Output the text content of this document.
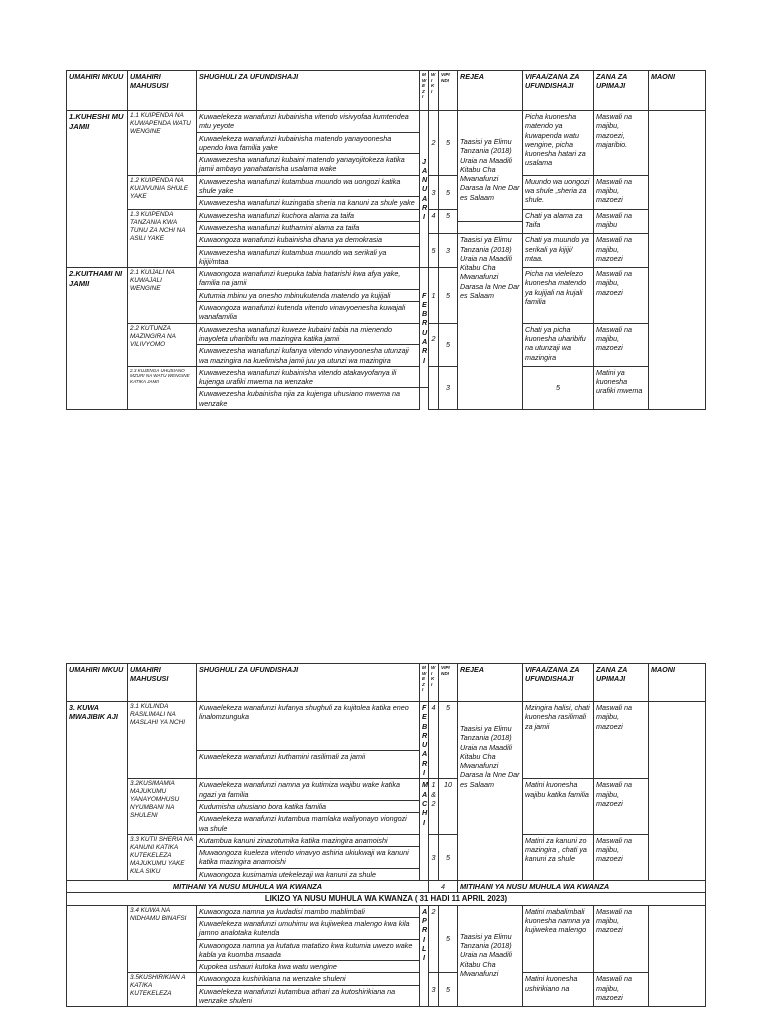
UMAHIRI MKUU	UMAHIRI MAHUSUSI	SHUGHULI ZA UFUNDISHAJI	MWEZI	WIKI	VIPI NDI	REJEA	VIFAA/ZANA ZA UFUNDISHAJI	ZANA ZA UPIMAJI	MAONI	
1.KUHESHI MU JAMII	1.1 KUIPENDA NA KUWAPENDA WATU WENGINE	Kuwaelekeza wanafunzi kubainisha vitendo visivyofaa kumtendea mtu yeyote	JANUARI	2	5	Taasisi ya Elimu Tanzania (2018) Uraia na Maadili Kitabu Cha Mwanafunzi Darasa la Nne Dar es Salaam	Picha kuonesha matendo ya kuwapenda watu wengine, picha kuonesha hatari za usalama	Maswali na majibu, mazoezi, majaribio.		
		Kuwaelekeza wanafunzi kubainisha matendo yanayoonesha upendo kwa familia yake								
		Kuwawezesha wanafunzi kubaini matendo yanayojitokeza katika jamii ambayo yanahatarisha usalama wake								
	1.2 KUIPENDA NA KUIJIVUNIA SHULE YAKE	Kuwawezesha wanafunzi kutambua muundo wa uongozi katika shule yake		3	5		Muundo wa uongozi wa shule ,sheria za shule.	Maswali na majibu, mazoezi		
		Kuwawezesha wanafunzi kuzingatia sheria na kanuni za shule yake								
	1.3 KUIPENDA TANZANIA KWA TUNU ZA NCHI NA ASILI YAKE	Kuwawezesha wanafunzi kuchora alama za taifa		4	5		Chati ya alama za Taifa	Maswali na majibu		
		Kuwawezesha wanafunzi kuthamini alama za taifa								
		Kuwaongoza wanafunzi kubainisha dhana ya demokrasia		5	3	Taasisi ya Elimu Tanzania (2018) Uraia na Maadili Kitabu Cha Mwanafunzi Darasa la Nne Dar es Salaam	Chati ya muundo ya serikali ya kijiji/ mtaa.	Maswali na majibu, mazoezi		
		Kuwawezesha wanafunzi kutambua muundo wa serikali ya kijiji/mtaa								
2.KUITHAMI NI JAMII	2.1 KUIJALI NA KUWAJALI WENGINE	Kuwaongoza wanafunzi kuepuka tabia hatarishi kwa afya yake, familia na jamii	FEBRUARI	1	5		Picha na vielelezo kuonesha matendo ya kujijali na kujali familia	Maswali na majibu, mazoezi		
		Kutumia mbinu ya onesho mbinukutenda matendo ya kujijali								
		Kuwaongoza wanafunzi kutenda vitendo vinavyoenesha kuwajali wanafamilia								
	2.2 KUTUNZA MAZINGIRA NA VILIVYOMO	Kuwawezesha wanafunzi kuweze kubaini tabia na mienendo inayoleta uharibifu wa mazingira katika jamii		2	5		Chati ya picha kuonesha uharibifu na utunzaji wa mazingira	Maswali na majibu, mazoezi		
		Kuwawezesha wanafunzi kufanya vitendo vinavyoonesha utunzaji wa mazingira na kuelimisha jamii juu ya utunzi wa mazingira								
	2.3 KUJENGA UHUSIANO MZURI NA WATU WENGINE KATIKA JAMII	Kuwawezesha wanafunzi kubainisha vitendo atakavyofanya ili kujenga urafiki mwema na wenzake			3		5	Matini ya kuonesha urafiki mwema	
		Kuwawezesha kubainisha njia za kujenga uhusiano mwema na wenzake								
UMAHIRI MKUU	UMAHIRI MAHUSUSI	SHUGHULI ZA UFUNDISHAJI	MWEZI	WIKI	VIPI NDI	REJEA	VIFAA/ZANA ZA UFUNDISHAJI	ZANA ZA UPIMAJI	MAONI
3. KUWA MWAJIBIK AJI	3.1 KULINDA RASILIMALI NA MASLAHI YA NCHI	Kuwaelekeza wanafunzi kufanya shughuli za kujitolea katika eneo linalomzunguka	FEBRUARI	4	5	Taasisi ya Elimu Tanzania (2018) Uraia na Maadili Kitabu Cha Mwanafunzi Darasa la Nne Dar es Salaam	Mzingira halisi, chati kuonesha rasilimali za jamii	Maswali na majibu, mazoezi	
		Kuwaelekeza wanafunzi kuthamini rasilimali za jamii							
	3.2KUSIMAMIA MAJUKUMU YANAYOMHUSU NYUMBANI NA SHULENI	Kuwaelekeza wanafunzi namna ya kutimiza wajibu wake katika ngazi ya familia	MACHI	1 & 2	10		Matini kuonesha wajibu katika familia	Maswali na majibu, mazoezi	
		Kudumisha uhusiano bora katika familia							
		Kuwaelekeza wanafunzi kutambua mamlaka waliyonayo viongozi wa shule							
	3.3 KUTII SHERIA NA KANUNI KATIKA KUTEKELEZA MAJUKUMU YAKE KILA SIKU	Kutambua kanuni zinazotumika katika mazingira anamoishi		3	5		Matini za kanuni zo mazingira , chati ya kanuni za shule	Maswali na majibu, mazoezi	
		Muwaongoza kueleza vitendo vinavyo ashiria ukiukwaji wa kanuni katika mazingira anamoishi							
		Kuwaongoza kusimamia utekelezaji wa kanuni za shule							
MITIHANI YA NUSU MUHULA WA KWANZA				4		MITIHANI YA NUSU MUHULA WA KWANZA			
LIKIZO YA NUSU MUHULA WA KWANZA ( 31 HADI 11 APRIL 2023)									
	3.4 KUWA NA NIDHAMU BINAFSI	Kuwaongoza namna ya kudadisi mambo mablimbali	APRILI	2	5	Taasisi ya Elimu Tanzania (2018) Uraia na Maadili Kitabu Cha Mwanafunzi	Matini mabalimbali kuonesha namna ya kujiwekea malengo	Maswali na majibu, mazoezi	
		Kuwaelekeza wanafunzi umuhimu wa kujiwekea malengo kwa kila jamno analotaka kutenda							
		Kuwaongoza namna ya kutatua matatizo kwa kutumia uwezo wake kabla ya kuomba msaada							
		Kupokea ushauri kutoka kwa watu wengine							
	3.5KUSHIRIKIAN A KATIKA KUTEKELEZA	Kuwaongoza kushirikiana na wenzake shuleni		3	5		Matini kuonesha ushirikiano na	Maswali na majibu, mazoezi	
		Kuwaelekeza wanafunzi kutambua athari za kutoshirikiana na wenzake shuleni							
